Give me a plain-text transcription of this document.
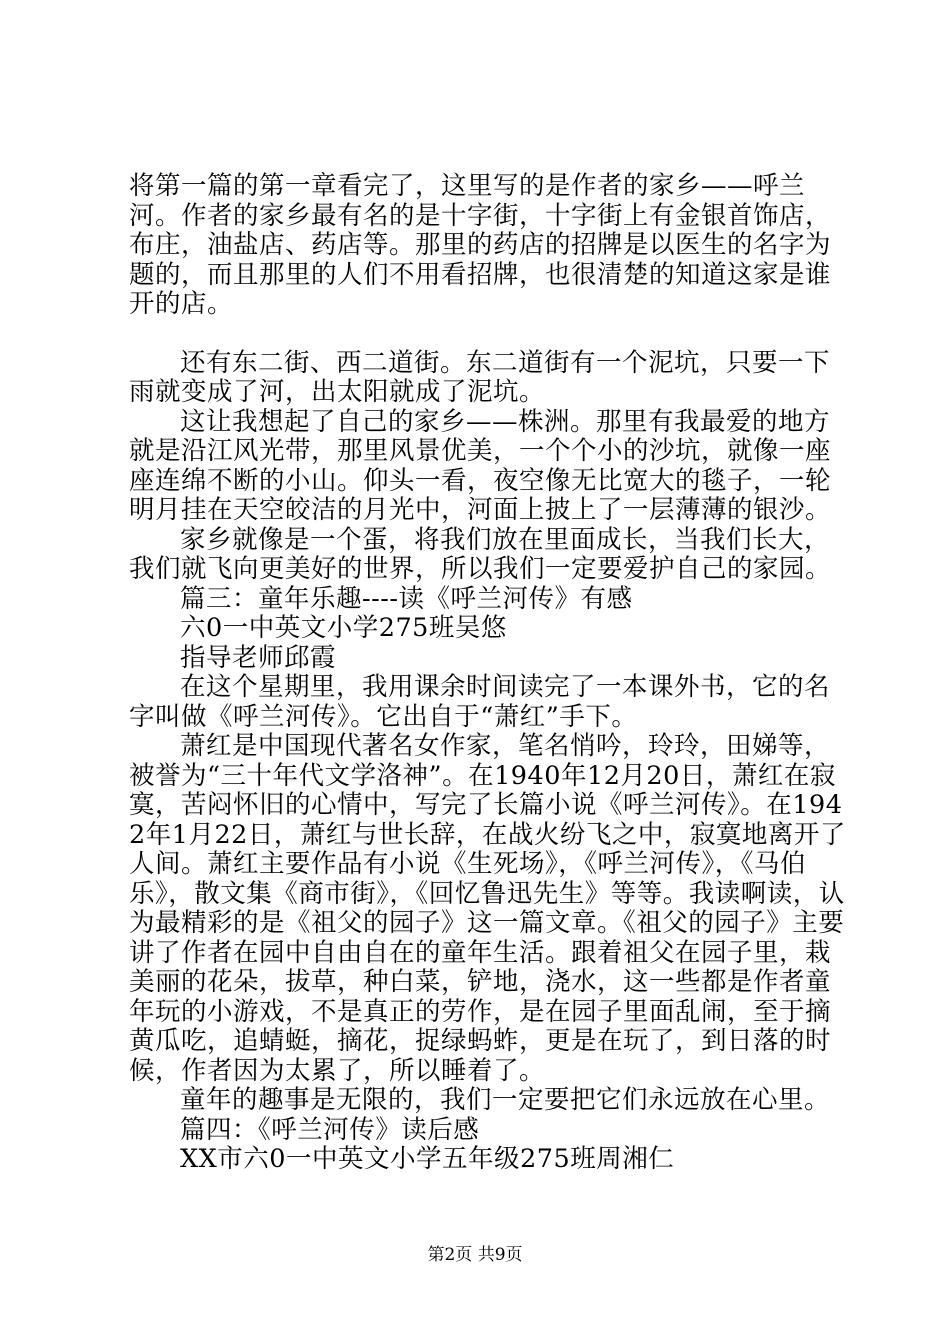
将第一篇的第一章看完了，这里写的是作者的家乡——呼兰河。作者的家乡最有名的是十字街，十字街上有金银首饰店，布庄，油盐店、药店等。那里的药店的招牌是以医生的名字为题的，而且那里的人们不用看招牌，也很清楚的知道这家是谁开的店。

还有东二街、西二道街。东二道街有一个泥坑，只要一下雨就变成了河，出太阳就成了泥坑。

这让我想起了自己的家乡——株洲。那里有我最爱的地方就是沿江风光带，那里风景优美，一个个小的沙坑，就像一座座连绵不断的小山。仰头一看，夜空像无比宽大的毯子，一轮明月挂在天空皎洁的月光中，河面上披上了一层薄薄的银沙。

家乡就像是一个蛋，将我们放在里面成长，当我们长大，我们就飞向更美好的世界，所以我们一定要爱护自己的家园。

篇三：童年乐趣----读《呼兰河传》有感

六0一中英文小学275班吴悠

指导老师邱霞

在这个星期里，我用课余时间读完了一本课外书，它的名字叫做《呼兰河传》。它出自于“萧红”手下。

萧红是中国现代著名女作家，笔名悄吟，玲玲，田娣等，被誉为“三十年代文学洛神”。在1940年12月20日，萧红在寂寞，苦闷怀旧的心情中，写完了长篇小说《呼兰河传》。在1942年1月22日，萧红与世长辞，在战火纷飞之中，寂寞地离开了人间。萧红主要作品有小说《生死场》，《呼兰河传》，《马伯乐》，散文集《商市街》，《回忆鲁迅先生》等等。我读啊读，认为最精彩的是《祖父的园子》这一篇文章。《祖父的园子》主要讲了作者在园中自由自在的童年生活。跟着祖父在园子里，栽美丽的花朵，拔草，种白菜，铲地，浇水，这一些都是作者童年玩的小游戏，不是真正的劳作，是在园子里面乱闹，至于摘黄瓜吃，追蜻蜓，摘花，捉绿蚂蚱，更是在玩了，到日落的时候，作者因为太累了，所以睡着了。

童年的趣事是无限的，我们一定要把它们永远放在心里。

篇四：《呼兰河传》读后感

XX市六0一中英文小学五年级275班周湘仁

第2页 共9页
